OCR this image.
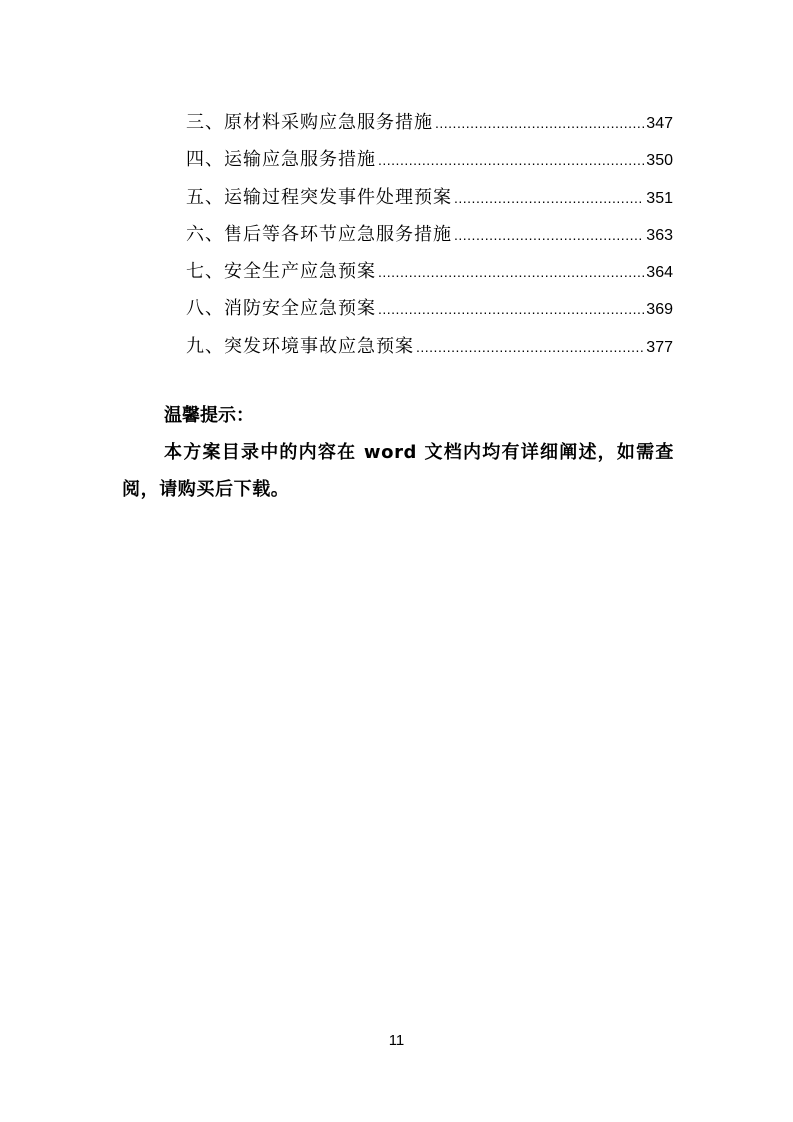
三、原材料采购应急服务措施 .....	347
四、运输应急服务措施 .....	350
五、运输过程突发事件处理预案 .....	351
六、售后等各环节应急服务措施 .....	363
七、安全生产应急预案 .....	364
八、消防安全应急预案 .....	369
九、突发环境事故应急预案 .....	377
温馨提示：
本方案目录中的内容在 word 文档内均有详细阐述，如需查阅，请购买后下载。
11
